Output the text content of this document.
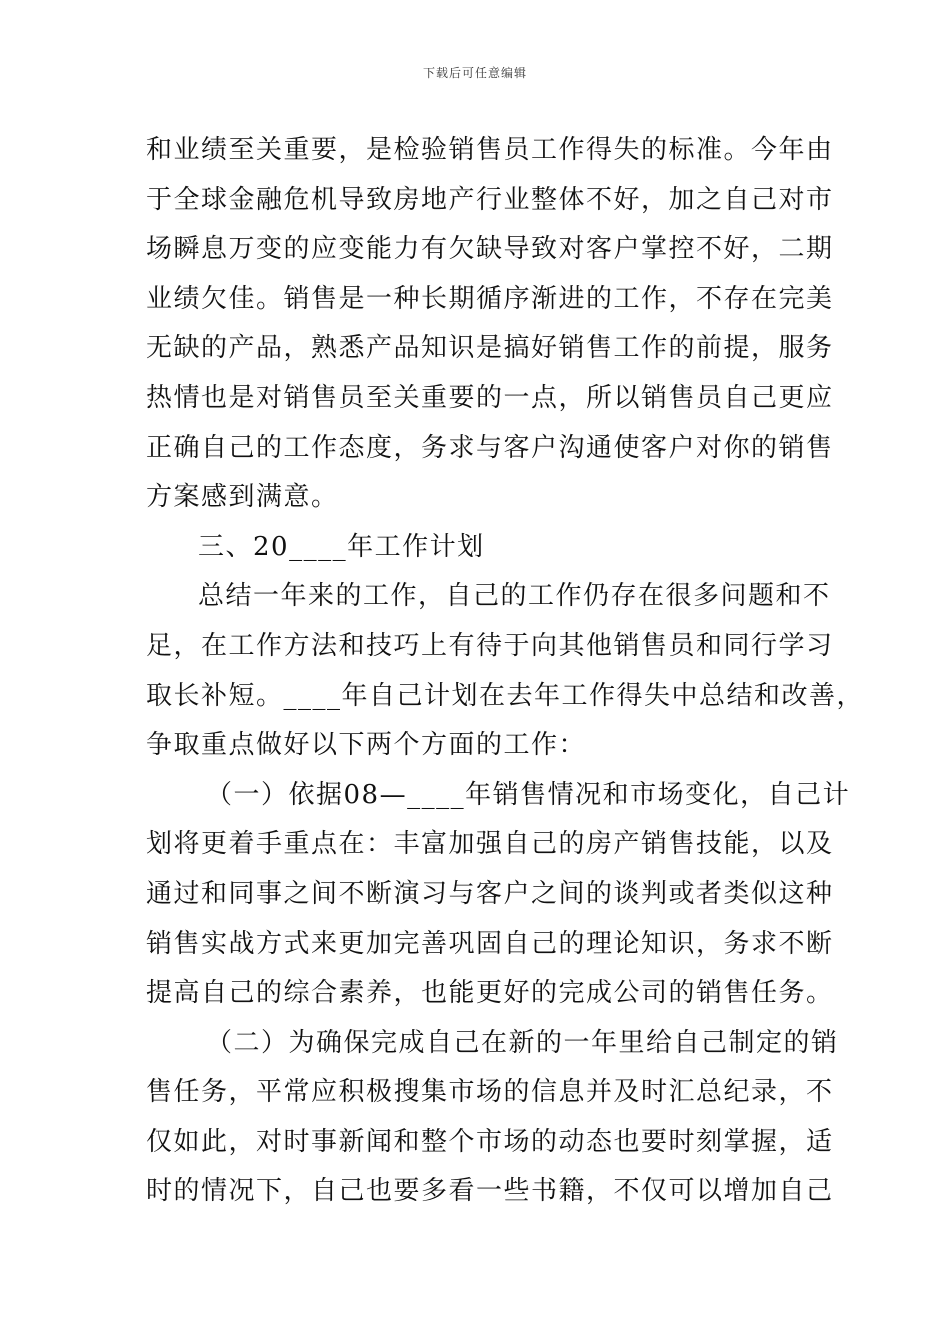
下载后可任意编辑
和业绩至关重要，是检验销售员工作得失的标准。今年由
于全球金融危机导致房地产行业整体不好，加之自己对市
场瞬息万变的应变能力有欠缺导致对客户掌控不好，二期
业绩欠佳。销售是一种长期循序渐进的工作，不存在完美
无缺的产品，熟悉产品知识是搞好销售工作的前提，服务
热情也是对销售员至关重要的一点，所以销售员自己更应
正确自己的工作态度，务求与客户沟通使客户对你的销售
方案感到满意。
三、20____年工作计划
总结一年来的工作，自己的工作仍存在很多问题和不
足，在工作方法和技巧上有待于向其他销售员和同行学习
取长补短。____年自己计划在去年工作得失中总结和改善，
争取重点做好以下两个方面的工作：
（一）依据08—____年销售情况和市场变化，自己计
划将更着手重点在：丰富加强自己的房产销售技能，以及
通过和同事之间不断演习与客户之间的谈判或者类似这种
销售实战方式来更加完善巩固自己的理论知识，务求不断
提高自己的综合素养，也能更好的完成公司的销售任务。
（二）为确保完成自己在新的一年里给自己制定的销
售任务，平常应积极搜集市场的信息并及时汇总纪录，不
仅如此，对时事新闻和整个市场的动态也要时刻掌握，适
时的情况下，自己也要多看一些书籍，不仅可以增加自己
